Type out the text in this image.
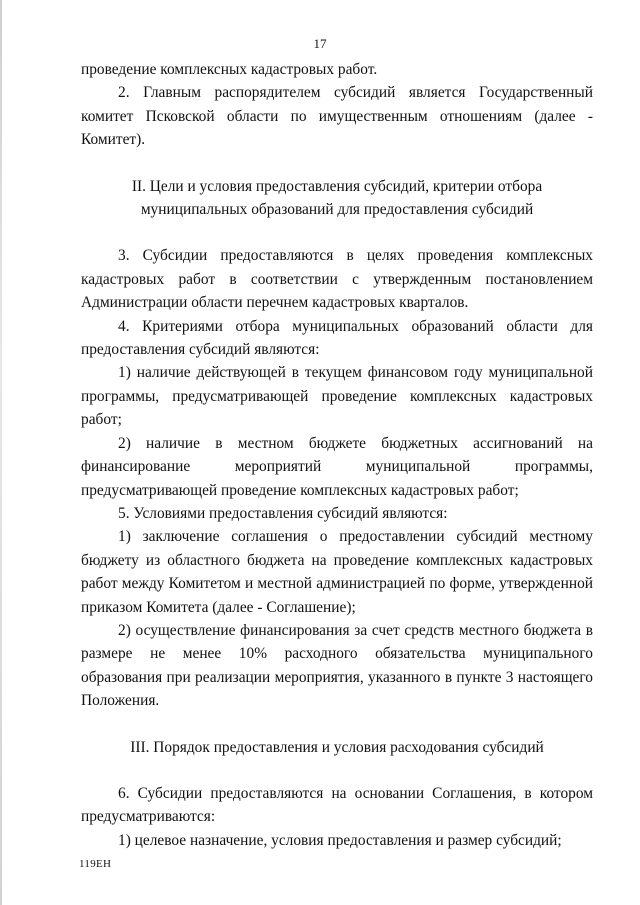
17

проведение комплексных кадастровых работ.

2. Главным распорядителем субсидий является Государственный комитет Псковской области по имущественным отношениям (далее - Комитет).

II. Цели и условия предоставления субсидий, критерии отбора

муниципальных образований для предоставления субсидий

3. Субсидии предоставляются в целях проведения комплексных кадастровых работ в соответствии с утвержденным постановлением Администрации области перечнем кадастровых кварталов.

4. Критериями отбора муниципальных образований области для предоставления субсидий являются:

1) наличие действующей в текущем финансовом году муниципальной программы, предусматривающей проведение комплексных кадастровых работ;

2) наличие в местном бюджете бюджетных ассигнований на финансирование мероприятий муниципальной программы, предусматривающей проведение комплексных кадастровых работ;

5. Условиями предоставления субсидий являются:

1) заключение соглашения о предоставлении субсидий местному бюджету из областного бюджета на проведение комплексных кадастровых работ между Комитетом и местной администрацией по форме, утвержденной приказом Комитета (далее - Соглашение);

2) осуществление финансирования за счет средств местного бюджета в размере не менее 10% расходного обязательства муниципального образования при реализации мероприятия, указанного в пункте 3 настоящего Положения.

III. Порядок предоставления и условия расходования субсидий

6. Субсидии предоставляются на основании Соглашения, в котором предусматриваются:

1) целевое назначение, условия предоставления и размер субсидий;

119ЕН
